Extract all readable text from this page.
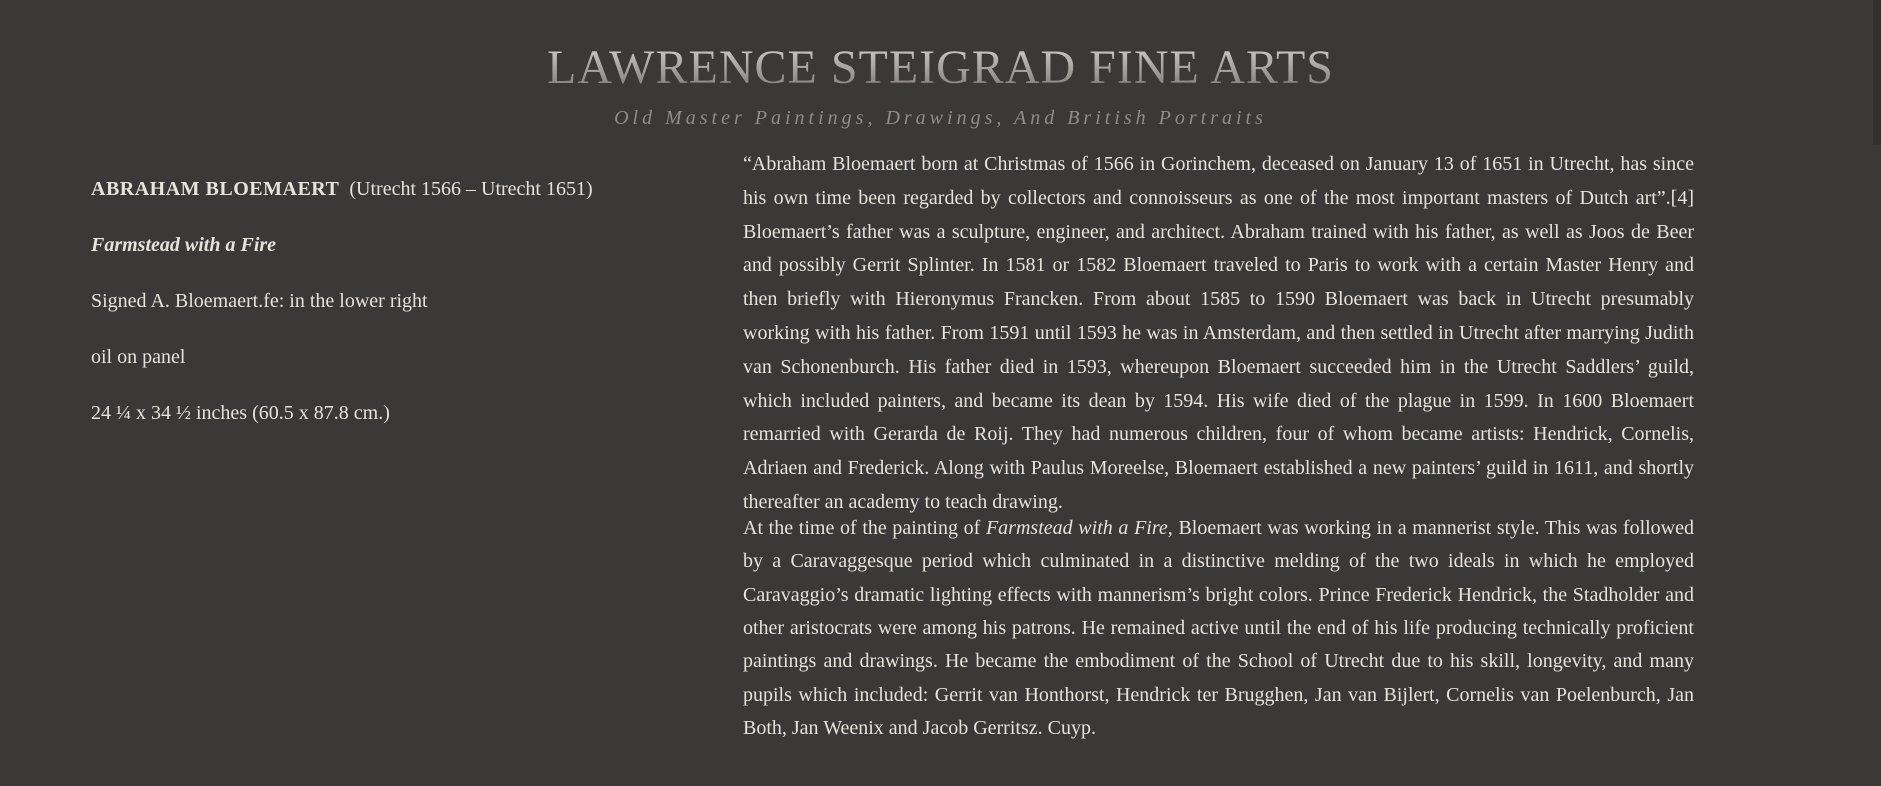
LAWRENCE STEIGRAD FINE ARTS
Old Master Paintings, Drawings, And British Portraits
ABRAHAM BLOEMAERT (Utrecht 1566 – Utrecht 1651)
Farmstead with a Fire
Signed A. Bloemaert.fe: in the lower right
oil on panel
24 ¼ x 34 ½ inches (60.5 x 87.8 cm.)

“Abraham Bloemaert born at Christmas of 1566 in Gorinchem, deceased on January 13 of 1651 in Utrecht, has since his own time been regarded by collectors and connoisseurs as one of the most important masters of Dutch art”.[4] Bloemaert’s father was a sculpture, engineer, and architect. Abraham trained with his father, as well as Joos de Beer and possibly Gerrit Splinter. In 1581 or 1582 Bloemaert traveled to Paris to work with a certain Master Henry and then briefly with Hieronymus Francken. From about 1585 to 1590 Bloemaert was back in Utrecht presumably working with his father. From 1591 until 1593 he was in Amsterdam, and then settled in Utrecht after marrying Judith van Schonenburch. His father died in 1593, whereupon Bloemaert succeeded him in the Utrecht Saddlers’ guild, which included painters, and became its dean by 1594. His wife died of the plague in 1599. In 1600 Bloemaert remarried with Gerarda de Roij. They had numerous children, four of whom became artists: Hendrick, Cornelis, Adriaen and Frederick. Along with Paulus Moreelse, Bloemaert established a new painters’ guild in 1611, and shortly thereafter an academy to teach drawing.

At the time of the painting of Farmstead with a Fire, Bloemaert was working in a mannerist style. This was followed by a Caravaggesque period which culminated in a distinctive melding of the two ideals in which he employed Caravaggio’s dramatic lighting effects with mannerism’s bright colors. Prince Frederick Hendrick, the Stadholder and other aristocrats were among his patrons. He remained active until the end of his life producing technically proficient paintings and drawings. He became the embodiment of the School of Utrecht due to his skill, longevity, and many pupils which included: Gerrit van Honthorst, Hendrick ter Brugghen, Jan van Bijlert, Cornelis van Poelenburch, Jan Both, Jan Weenix and Jacob Gerritsz. Cuyp.
